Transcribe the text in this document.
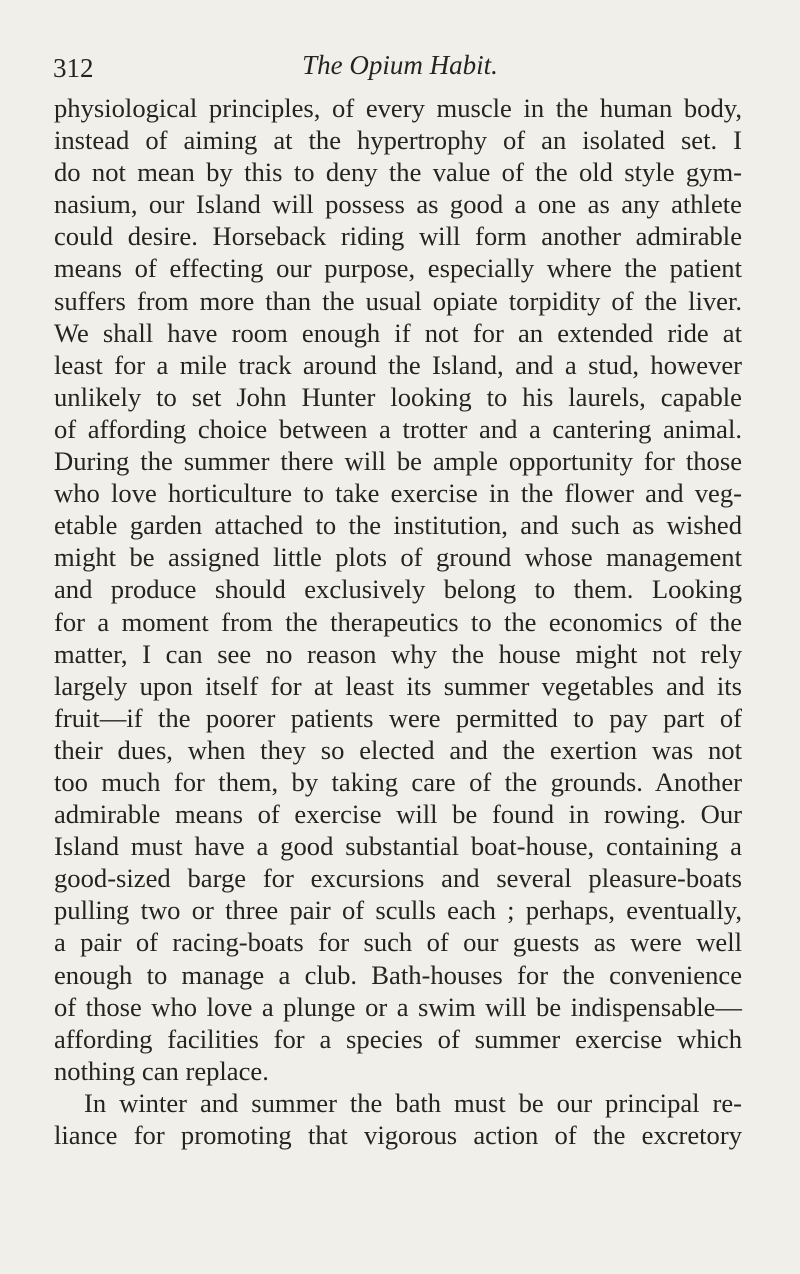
312	The Opium Habit.
physiological principles, of every muscle in the human body,
instead of aiming at the hypertrophy of an isolated set. I
do not mean by this to deny the value of the old style gym-
nasium, our Island will possess as good a one as any athlete
could desire. Horseback riding will form another admirable
means of effecting our purpose, especially where the patient
suffers from more than the usual opiate torpidity of the liver.
We shall have room enough if not for an extended ride at
least for a mile track around the Island, and a stud, however
unlikely to set John Hunter looking to his laurels, capable
of affording choice between a trotter and a cantering animal.
During the summer there will be ample opportunity for those
who love horticulture to take exercise in the flower and veg-
etable garden attached to the institution, and such as wished
might be assigned little plots of ground whose management
and produce should exclusively belong to them. Looking
for a moment from the therapeutics to the economics of the
matter, I can see no reason why the house might not rely
largely upon itself for at least its summer vegetables and its
fruit—if the poorer patients were permitted to pay part of
their dues, when they so elected and the exertion was not
too much for them, by taking care of the grounds. Another
admirable means of exercise will be found in rowing. Our
Island must have a good substantial boat-house, containing a
good-sized barge for excursions and several pleasure-boats
pulling two or three pair of sculls each ; perhaps, eventually,
a pair of racing-boats for such of our guests as were well
enough to manage a club. Bath-houses for the convenience
of those who love a plunge or a swim will be indispensable—
affording facilities for a species of summer exercise which
nothing can replace.
In winter and summer the bath must be our principal re-
liance for promoting that vigorous action of the excretory
